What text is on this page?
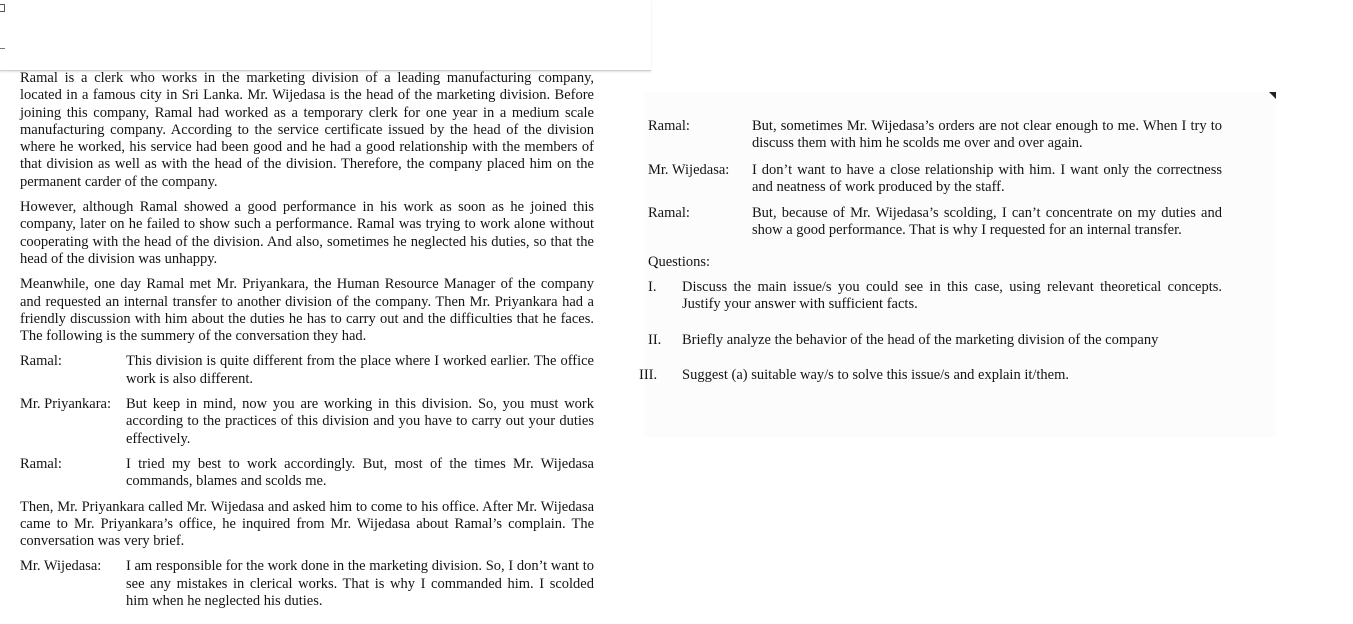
Ramal is a clerk who works in the marketing division of a leading manufacturing company, located in a famous city in Sri Lanka. Mr. Wijedasa is the head of the marketing division. Before joining this company, Ramal had worked as a temporary clerk for one year in a medium scale manufacturing company. According to the service certificate issued by the head of the division where he worked, his service had been good and he had a good relationship with the members of that division as well as with the head of the division. Therefore, the company placed him on the permanent carder of the company.

However, although Ramal showed a good performance in his work as soon as he joined this company, later on he failed to show such a performance. Ramal was trying to work alone without cooperating with the head of the division. And also, sometimes he neglected his duties, so that the head of the division was unhappy.

Meanwhile, one day Ramal met Mr. Priyankara, the Human Resource Manager of the company and requested an internal transfer to another division of the company. Then Mr. Priyankara had a friendly discussion with him about the duties he has to carry out and the difficulties that he faces. The following is the summery of the conversation they had.

Ramal:	This division is quite different from the place where I worked earlier. The office work is also different.
Mr. Priyankara:	But keep in mind, now you are working in this division. So, you must work according to the practices of this division and you have to carry out your duties effectively.
Ramal:	I tried my best to work accordingly. But, most of the times Mr. Wijedasa commands, blames and scolds me.

Then, Mr. Priyankara called Mr. Wijedasa and asked him to come to his office. After Mr. Wijedasa came to Mr. Priyankara’s office, he inquired from Mr. Wijedasa about Ramal’s complain. The conversation was very brief.

Mr. Wijedasa:	I am responsible for the work done in the marketing division. So, I don’t want to see any mistakes in clerical works. That is why I commanded him. I scolded him when he neglected his duties.
Ramal:	But, sometimes Mr. Wijedasa’s orders are not clear enough to me. When I try to discuss them with him he scolds me over and over again.
Mr. Wijedasa:	I don’t want to have a close relationship with him. I want only the correctness and neatness of work produced by the staff.
Ramal:	But, because of Mr. Wijedasa’s scolding, I can’t concentrate on my duties and show a good performance. That is why I requested for an internal transfer.
Questions:
I.	Discuss the main issue/s you could see in this case, using relevant theoretical concepts. Justify your answer with sufficient facts.
II.	Briefly analyze the behavior of the head of the marketing division of the company
III.	Suggest (a) suitable way/s to solve this issue/s and explain it/them.
